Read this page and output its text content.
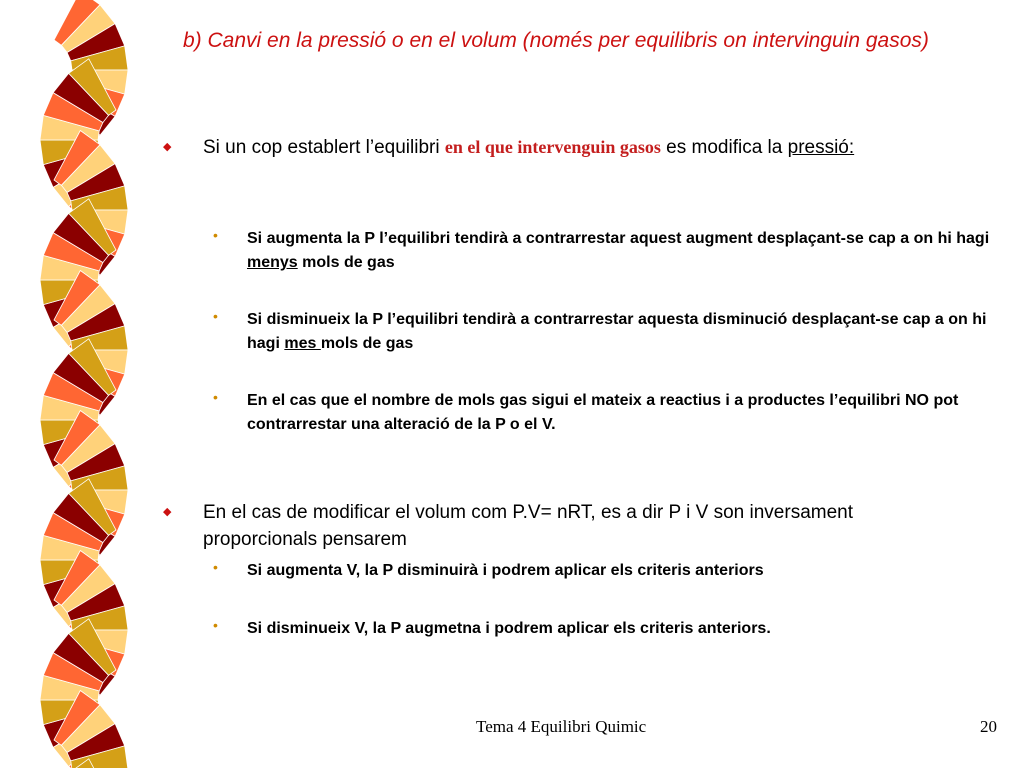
b) Canvi en la pressió o en el volum (només per equilibris on intervinguin gasos)
◆ Si un cop establert l’equilibri en el que intervenguin gasos es modifica la pressió:
• Si augmenta la P l’equilibri tendirà a contrarrestar aquest augment desplaçant-se cap a on hi hagi menys mols de gas
• Si disminueix la P l’equilibri tendirà a contrarrestar aquesta disminució desplaçant-se cap a on hi hagi mes mols de gas
• En el cas que el nombre de mols gas sigui el mateix a reactius i a productes l’equilibri NO pot contrarrestar una alteració de la P o el V.
◆ En el cas de modificar el volum com P.V= nRT, es a dir P i V son inversament proporcionals pensarem
• Si augmenta V, la P disminuirà i podrem aplicar els criteris anteriors
• Si disminueix V, la P augmetna i podrem aplicar els criteris anteriors.
Tema 4 Equilibri Quimic	20
